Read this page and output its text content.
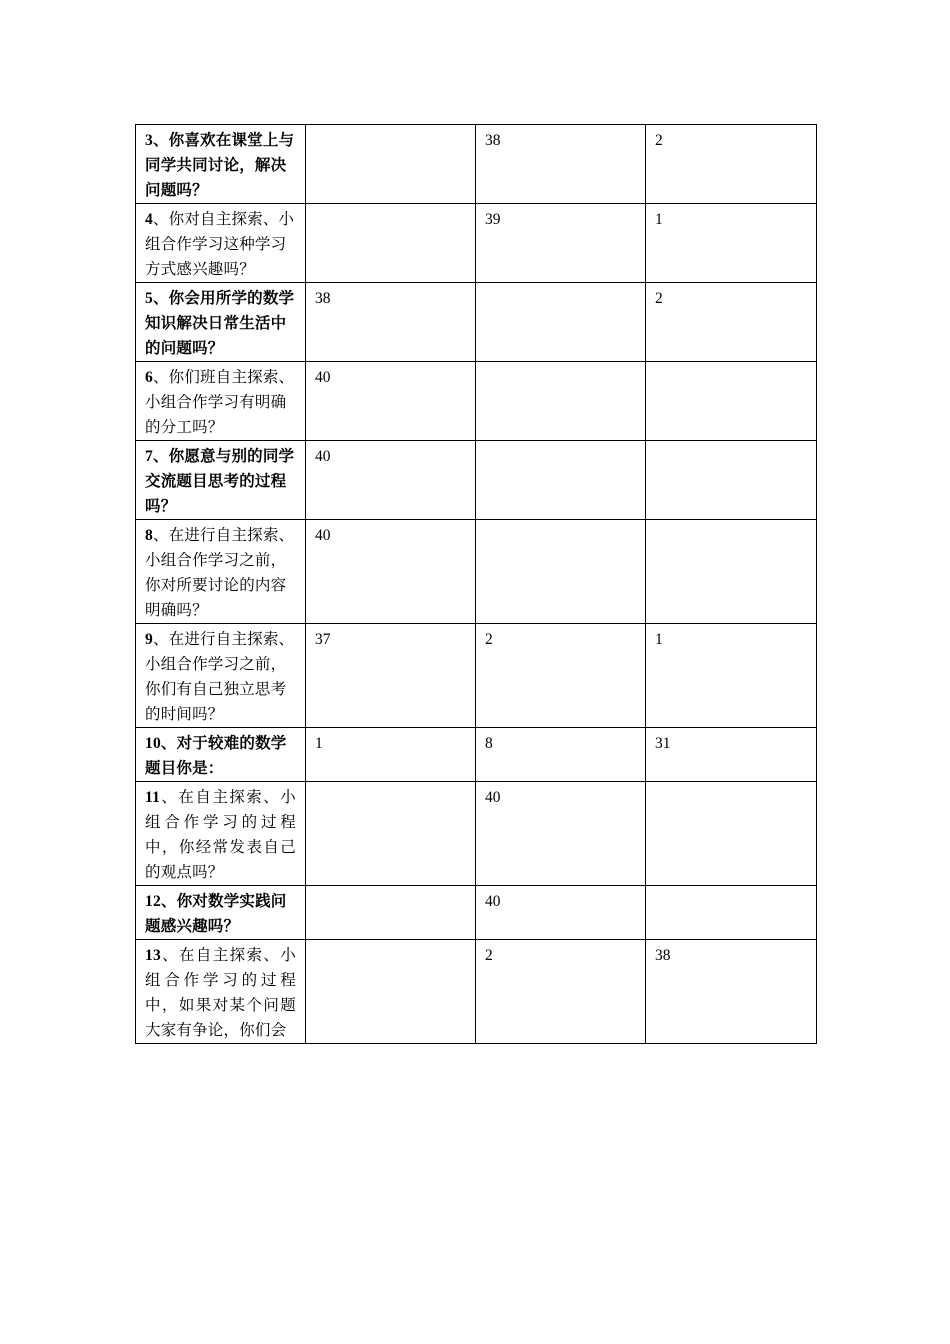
3、你喜欢在课堂上与同学共同讨论，解决问题吗？		38	2
4、你对自主探索、小组合作学习这种学习方式感兴趣吗？		39	1
5、你会用所学的数学知识解决日常生活中的问题吗？	38		2
6、你们班自主探索、小组合作学习有明确的分工吗？	40		
7、你愿意与别的同学交流题目思考的过程吗？	40		
8、在进行自主探索、小组合作学习之前，你对所要讨论的内容明确吗？	40		
9、在进行自主探索、小组合作学习之前，你们有自己独立思考的时间吗？	37	2	1
10、对于较难的数学题目你是：	1	8	31
11、在自主探索、小组合作学习的过程中，你经常发表自己的观点吗？		40	
12、你对数学实践问题感兴趣吗？		40	
13、在自主探索、小组合作学习的过程中，如果对某个问题大家有争论，你们会		2	38
